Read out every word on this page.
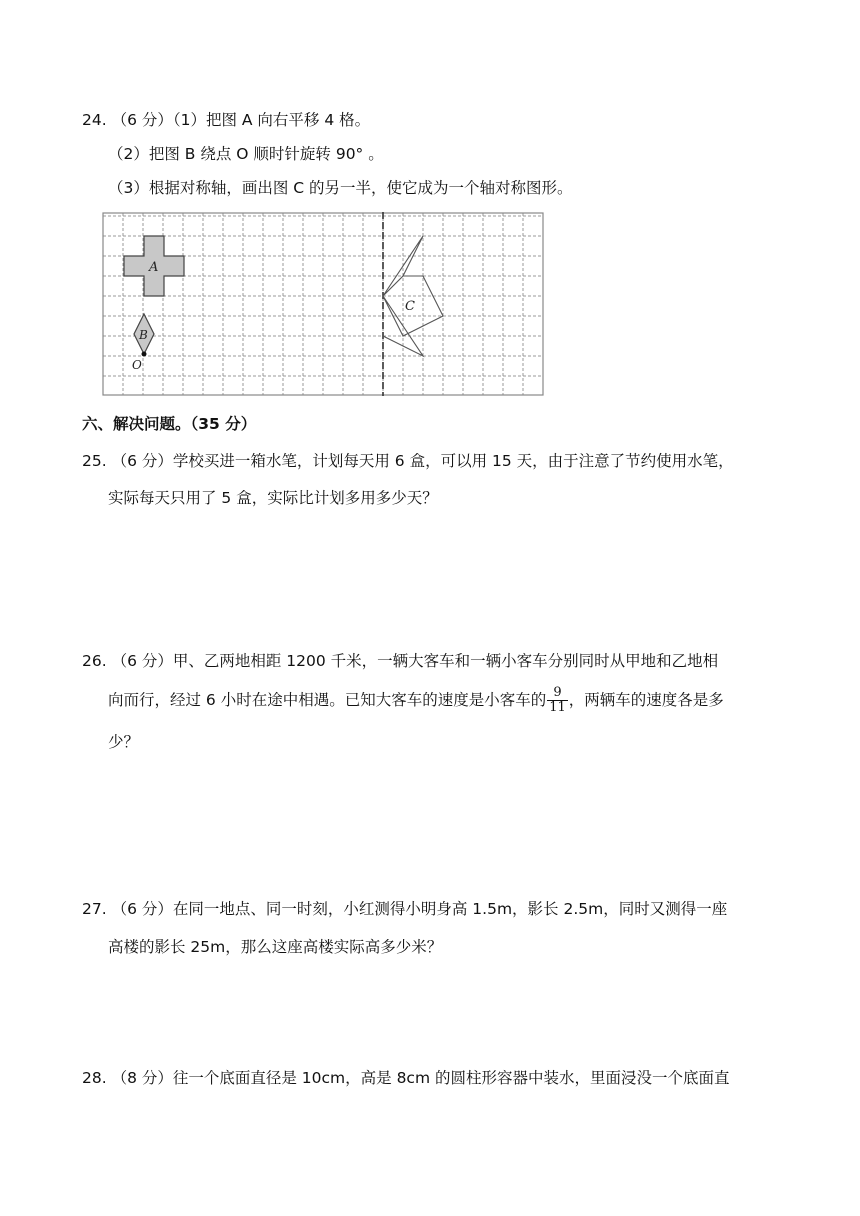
24. （6 分）（1）把图 A 向右平移 4 格。
（2）把图 B 绕点 O 顺时针旋转 90° 。
（3）根据对称轴，画出图 C 的另一半，使它成为一个轴对称图形。
A
B
O
C
六、解决问题。（35 分）
25. （6 分）学校买进一箱水笔，计划每天用 6 盒，可以用 15 天，由于注意了节约使用水笔，
实际每天只用了 5 盒，实际比计划多用多少天？
26. （6 分）甲、乙两地相距 1200 千米，一辆大客车和一辆小客车分别同时从甲地和乙地相
向而行，经过 6 小时在途中相遇。已知大客车的速度是小客车的 $\frac{9}{11}$ ，两辆车的速度各是多
少？
27. （6 分）在同一地点、同一时刻，小红测得小明身高 1.5m，影长 2.5m，同时又测得一座
高楼的影长 25m，那么这座高楼实际高多少米？
28. （8 分）往一个底面直径是 10cm，高是 8cm 的圆柱形容器中装水，里面浸没一个底面直
